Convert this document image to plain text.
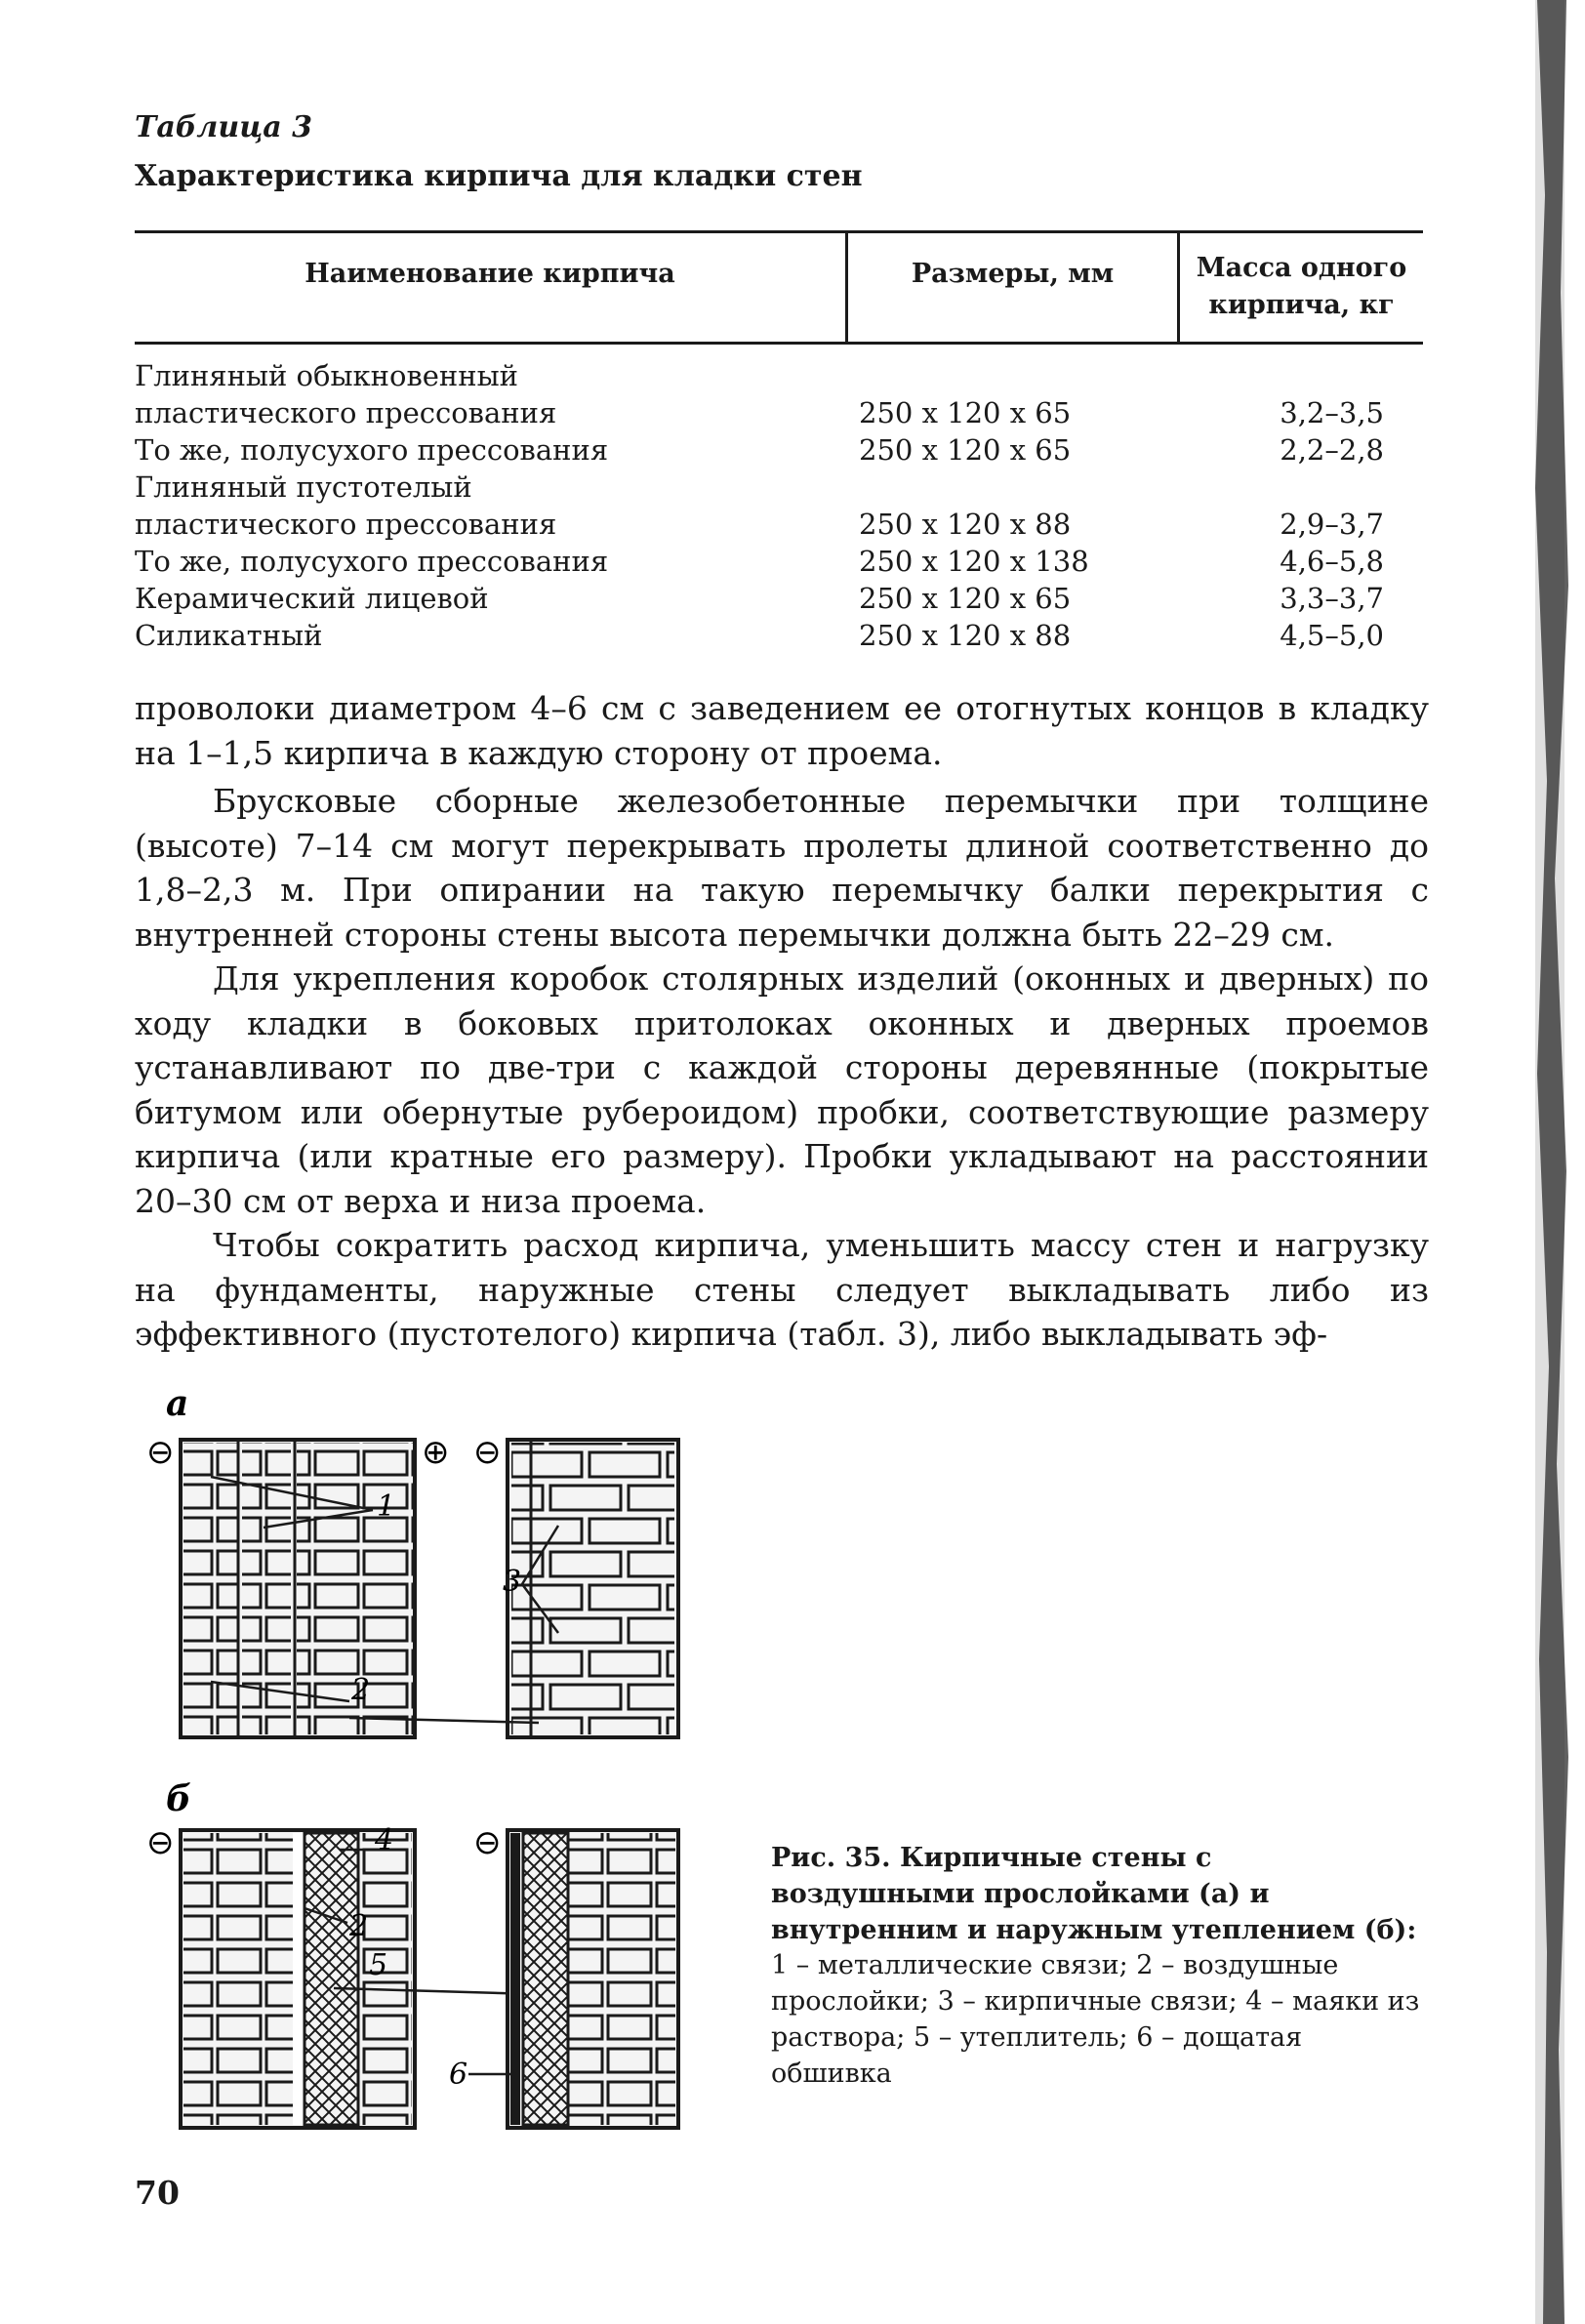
Таблица 3
Характеристика кирпича для кладки стен
Наименование кирпича	Размеры, мм	Масса одного
кирпича, кг
Глиняный обыкновенный
пластического прессования	250 x 120 x 65	3,2–3,5
То же, полусухого прессования	250 x 120 x 65	2,2–2,8
Глиняный пустотелый
пластического прессования	250 x 120 x 88	2,9–3,7
То же, полусухого прессования	250 x 120 x 138	4,6–5,8
Керамический лицевой	250 x 120 x 65	3,3–3,7
Силикатный	250 x 120 x 88	4,5–5,0

проволоки диаметром 4–6 см с заведением ее отогнутых концов в кладку на 1–1,5 кирпича в каждую сторону от проема.

Брусковые сборные железобетонные перемычки при толщине (высоте) 7–14 см могут перекрывать пролеты длиной соответственно до 1,8–2,3 м. При опирании на такую перемычку балки перекрытия с внутренней стороны стены высота перемычки должна быть 22–29 см.

Для укрепления коробок столярных изделий (оконных и дверных) по ходу кладки в боковых притолоках оконных и дверных проемов устанавливают по две-три с каждой стороны деревянные (покрытые битумом или обернутые рубероидом) пробки, соответствующие размеру кирпича (или кратные его размеру). Пробки укладывают на расстоянии 20–30 см от верха и низа проема.

Чтобы сократить расход кирпича, уменьшить массу стен и нагрузку на фундаменты, наружные стены следует выкладывать либо из эффективного (пустотелого) кирпича (табл. 3), либо выкладывать эф-

а
⊖	⊕
1
2
⊖
3
б
⊖	4
2
5
⊖
6

Рис. 35. Кирпичные стены с воздушными прослойками (а) и внутренним и наружным утеплением (б):

1 – металлические связи; 2 – воздушные прослойки; 3 – кирпичные связи; 4 – маяки из раствора; 5 – утеплитель; 6 – дощатая обшивка

70
